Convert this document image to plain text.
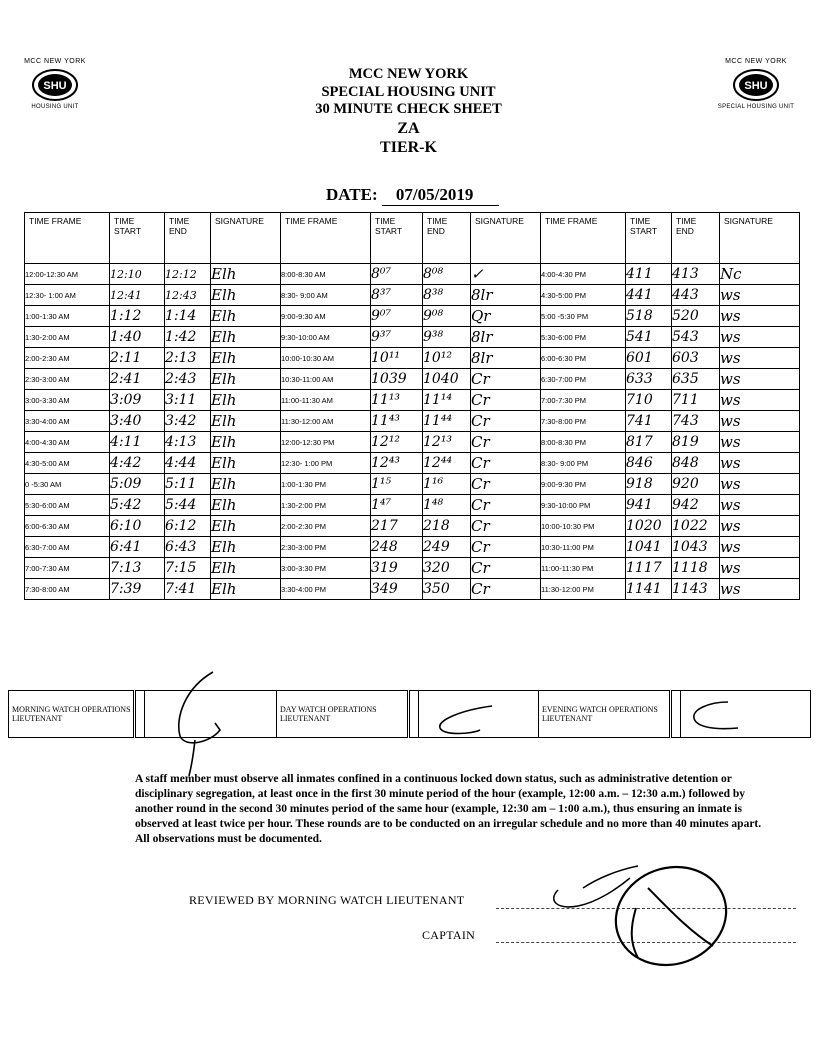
MCC NEW YORK
SHU
HOUSING UNIT
MCC NEW YORK
SHU
SPECIAL HOUSING UNIT
MCC NEW YORK
SPECIAL HOUSING UNIT
30 MINUTE CHECK SHEET
ZA
TIER-K
DATE: 07/05/2019
TIME FRAME	TIME START	TIME END	SIGNATURE	TIME FRAME	TIME START	TIME END	SIGNATURE	TIME FRAME	TIME START	TIME END	SIGNATURE
12:00-12:30 AM	12:10	12:12	Elh	8:00-8:30 AM	8⁰⁷	8⁰⁸	✓	4:00-4:30 PM	411	413	Nc
12:30- 1:00 AM	12:41	12:43	Elh	8:30- 9:00 AM	8³⁷	8³⁸	8lr	4:30-5:00 PM	441	443	ws
1:00-1:30 AM	1:12	1:14	Elh	9:00-9:30 AM	9⁰⁷	9⁰⁸	Qr	5:00 -5:30 PM	518	520	ws
1:30-2:00 AM	1:40	1:42	Elh	9:30-10:00 AM	9³⁷	9³⁸	8lr	5:30-6:00 PM	541	543	ws
2:00-2:30 AM	2:11	2:13	Elh	10:00-10:30 AM	10¹¹	10¹²	8lr	6:00-6:30 PM	601	603	ws
2:30-3:00 AM	2:41	2:43	Elh	10:30-11:00 AM	1039	1040	Cr	6:30-7:00 PM	633	635	ws
3:00-3:30 AM	3:09	3:11	Elh	11:00-11:30 AM	11¹³	11¹⁴	Cr	7:00-7:30 PM	710	711	ws
3:30-4:00 AM	3:40	3:42	Elh	11:30-12:00 AM	11⁴³	11⁴⁴	Cr	7:30-8:00 PM	741	743	ws
4:00-4:30 AM	4:11	4:13	Elh	12:00-12:30 PM	12¹²	12¹³	Cr	8:00-8:30 PM	817	819	ws
4:30-5:00 AM	4:42	4:44	Elh	12:30- 1:00 PM	12⁴³	12⁴⁴	Cr	8:30- 9:00 PM	846	848	ws
0 -5:30 AM	5:09	5:11	Elh	1:00-1:30 PM	1¹⁵	1¹⁶	Cr	9:00-9:30 PM	918	920	ws
5:30-6:00 AM	5:42	5:44	Elh	1:30-2:00 PM	1⁴⁷	1⁴⁸	Cr	9:30-10:00 PM	941	942	ws
6:00-6:30 AM	6:10	6:12	Elh	2:00-2:30 PM	217	218	Cr	10:00-10:30 PM	1020	1022	ws
6:30-7:00 AM	6:41	6:43	Elh	2:30-3:00 PM	248	249	Cr	10:30-11:00 PM	1041	1043	ws
7:00-7:30 AM	7:13	7:15	Elh	3:00-3:30 PM	319	320	Cr	11:00-11:30 PM	1117	1118	ws
7:30-8:00 AM	7:39	7:41	Elh	3:30-4:00 PM	349	350	Cr	11:30-12:00 PM	1141	1143	ws
MORNING WATCH OPERATIONS LIEUTENANT			DAY WATCH OPERATIONS LIEUTENANT			EVENING WATCH OPERATIONS LIEUTENANT		
A staff member must observe all inmates confined in a continuous locked down status, such as administrative detention or disciplinary segregation, at least once in the first 30 minute period of the hour (example, 12:00 a.m. – 12:30 a.m.) followed by another round in the second 30 minutes period of the same hour (example, 12:30 am – 1:00 a.m.), thus ensuring an inmate is observed at least twice per hour. These rounds are to be conducted on an irregular schedule and no more than 40 minutes apart. All observations must be documented.
REVIEWED BY MORNING WATCH LIEUTENANT
CAPTAIN
